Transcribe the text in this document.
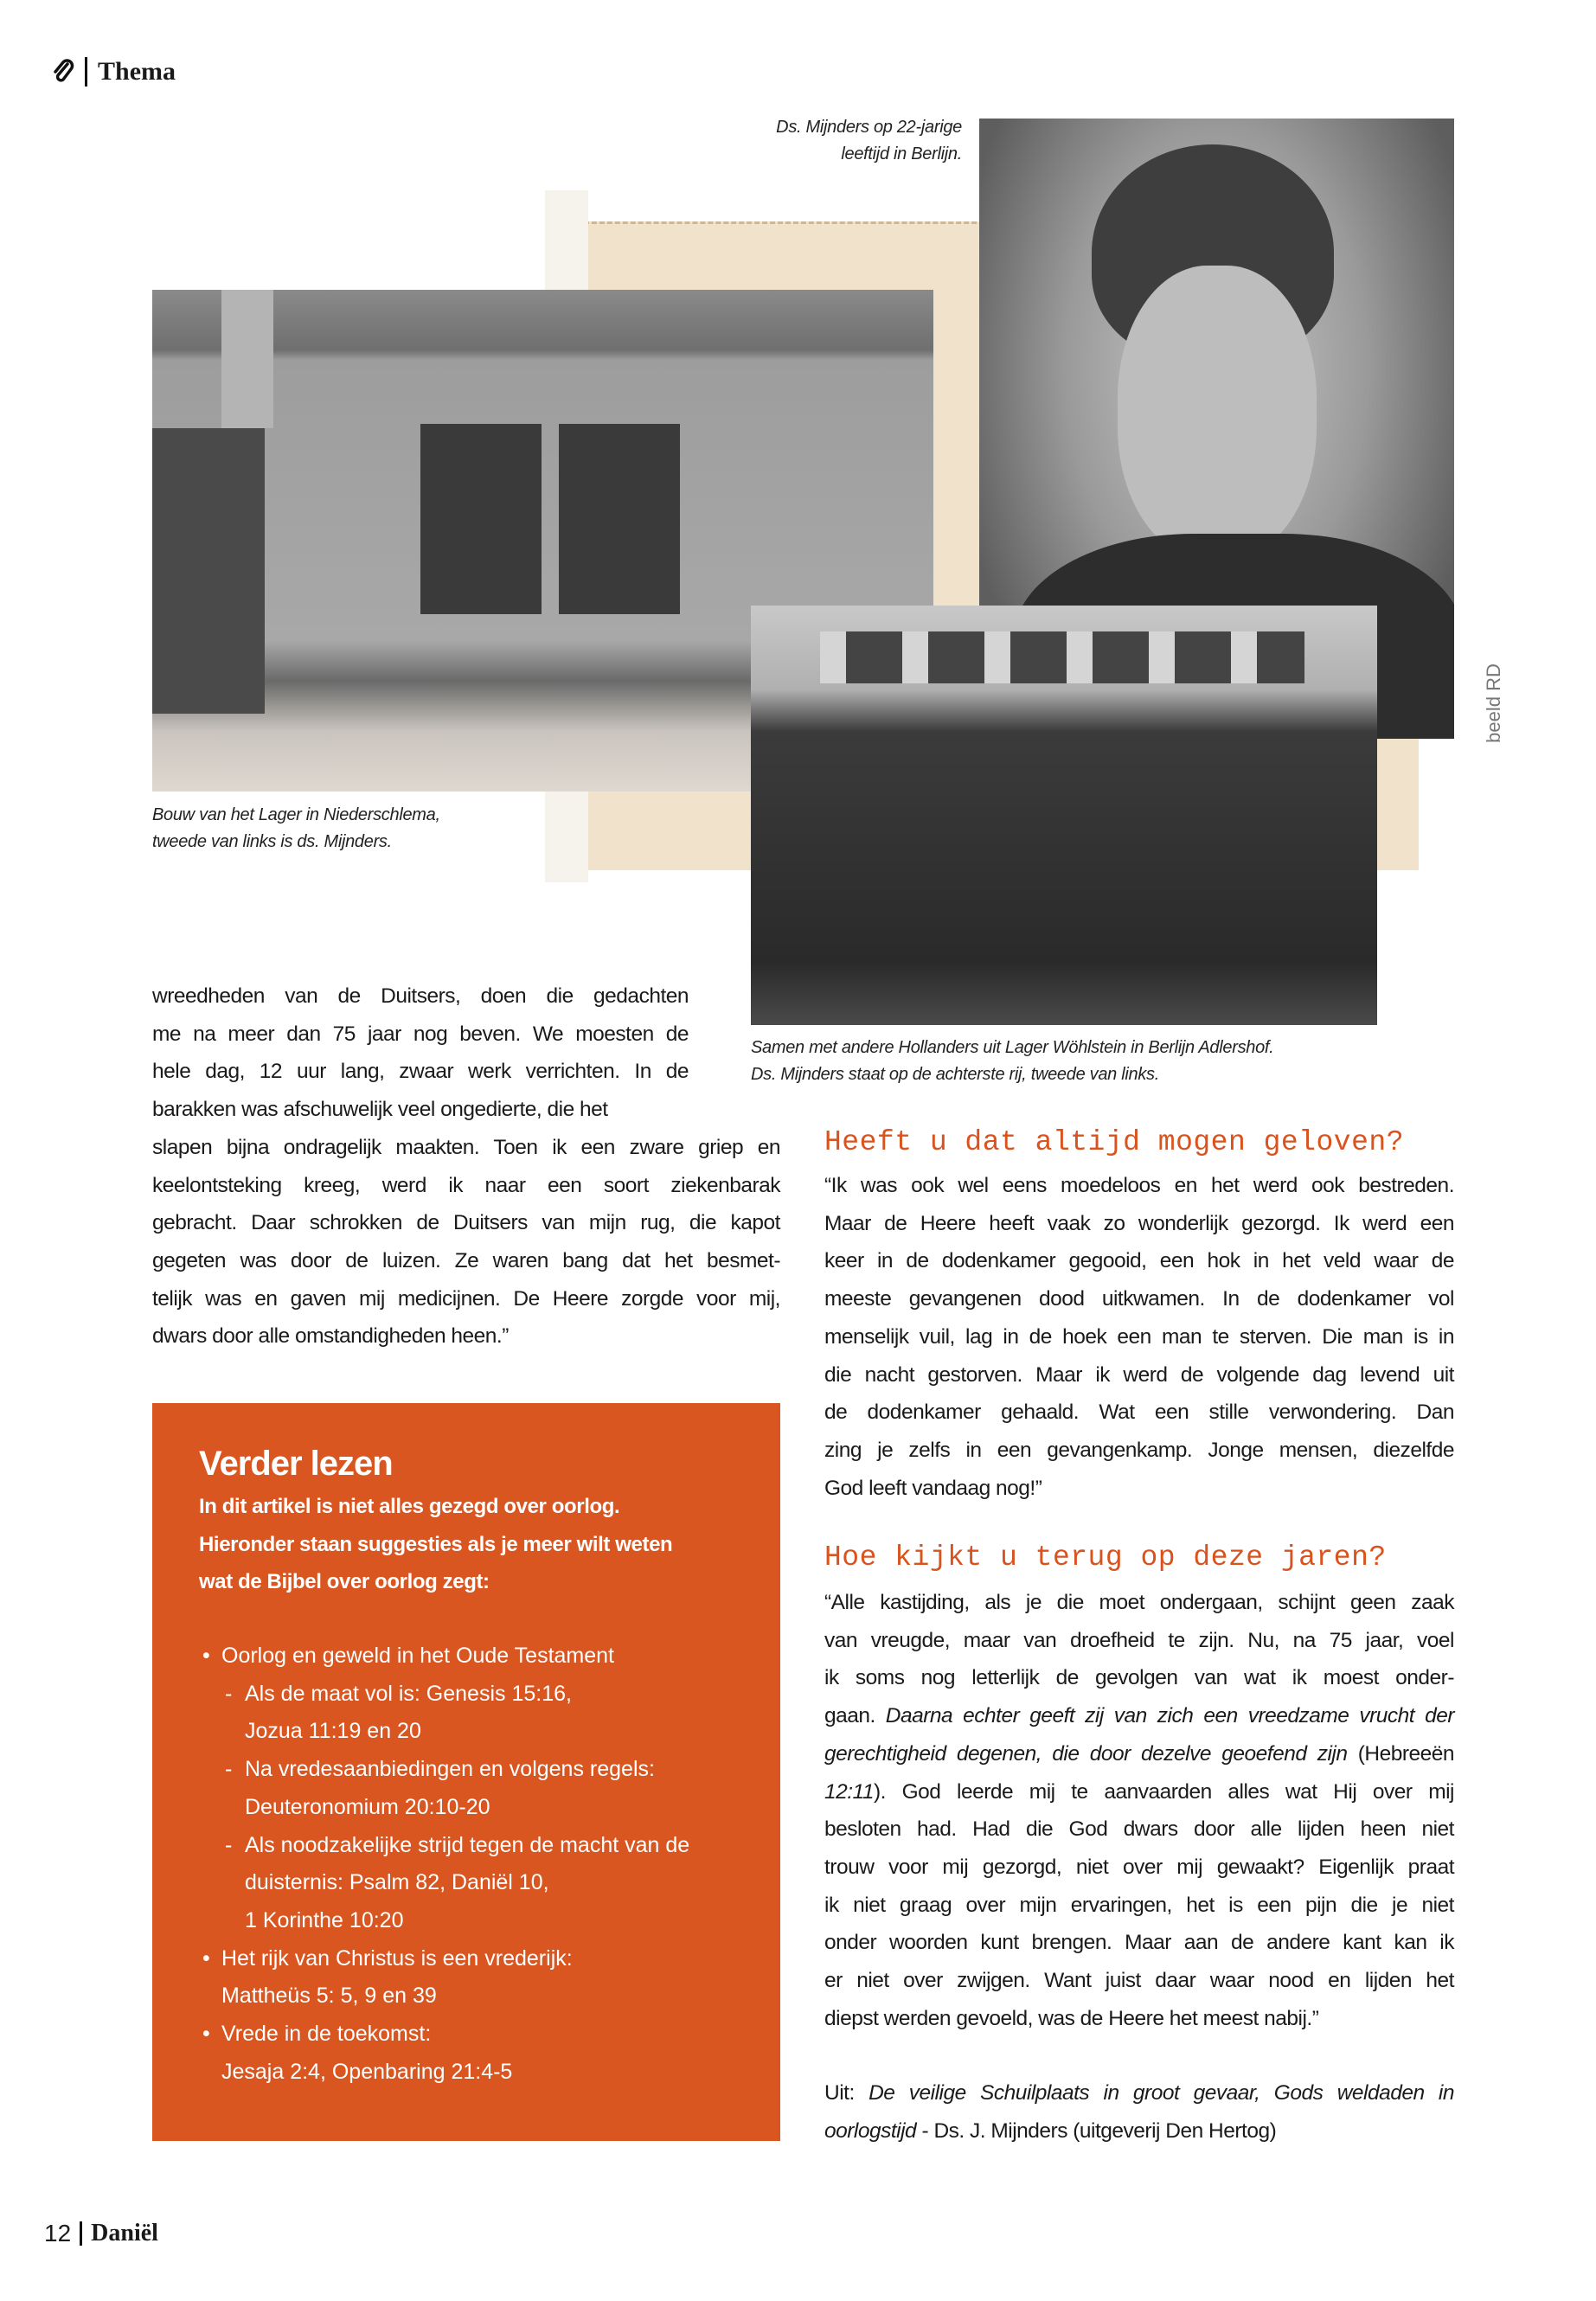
Thema
Ds. Mijnders op 22-jarige
leeftijd in Berlijn.
Bouw van het Lager in Niederschlema,
tweede van links is ds. Mijnders.
Samen met andere Hollanders uit Lager Wöhlstein in Berlijn Adlershof.
Ds. Mijnders staat op de achterste rij, tweede van links.
beeld RD
wreedheden van de Duitsers, doen die gedachten
me na meer dan 75 jaar nog beven. We moesten de
hele dag, 12 uur lang, zwaar werk verrichten. In de
barakken was afschuwelijk veel ongedierte, die het
slapen bijna ondragelijk maakten. Toen ik een zware griep en
keelontsteking kreeg, werd ik naar een soort ziekenbarak
gebracht. Daar schrokken de Duitsers van mijn rug, die kapot
gegeten was door de luizen. Ze waren bang dat het besmet-
telijk was en gaven mij medicijnen. De Heere zorgde voor mij,
dwars door alle omstandigheden heen.”
Heeft u dat altijd mogen geloven?
“Ik was ook wel eens moedeloos en het werd ook bestreden.
Maar de Heere heeft vaak zo wonderlijk gezorgd. Ik werd een
keer in de dodenkamer gegooid, een hok in het veld waar de
meeste gevangenen dood uitkwamen. In de dodenkamer vol
menselijk vuil, lag in de hoek een man te sterven. Die man is in
die nacht gestorven. Maar ik werd de volgende dag levend uit
de dodenkamer gehaald. Wat een stille verwondering. Dan
zing je zelfs in een gevangenkamp. Jonge mensen, diezelfde
God leeft vandaag nog!”
Hoe kijkt u terug op deze jaren?
“Alle kastijding, als je die moet ondergaan, schijnt geen zaak
van vreugde, maar van droefheid te zijn. Nu, na 75 jaar, voel
ik soms nog letterlijk de gevolgen van wat ik moest onder-
gaan. Daarna echter geeft zij van zich een vreedzame vrucht der
gerechtigheid degenen, die door dezelve geoefend zijn (Hebreeën
12:11). God leerde mij te aanvaarden alles wat Hij over mij
besloten had. Had die God dwars door alle lijden heen niet
trouw voor mij gezorgd, niet over mij gewaakt? Eigenlijk praat
ik niet graag over mijn ervaringen, het is een pijn die je niet
onder woorden kunt brengen. Maar aan de andere kant kan ik
er niet over zwijgen. Want juist daar waar nood en lijden het
diepst werden gevoeld, was de Heere het meest nabij.”
Uit: De veilige Schuilplaats in groot gevaar, Gods weldaden in
oorlogstijd - Ds. J. Mijnders (uitgeverij Den Hertog)
Verder lezen
In dit artikel is niet alles gezegd over oorlog.
Hieronder staan suggesties als je meer wilt weten
wat de Bijbel over oorlog zegt:
• Oorlog en geweld in het Oude Testament
- Als de maat vol is: Genesis 15:16,
Jozua 11:19 en 20
- Na vredesaanbiedingen en volgens regels:
Deuteronomium 20:10-20
- Als noodzakelijke strijd tegen de macht van de
duisternis: Psalm 82, Daniël 10,
1 Korinthe 10:20
• Het rijk van Christus is een vrederijk:
Mattheüs 5: 5, 9 en 39
• Vrede in de toekomst:
Jesaja 2:4, Openbaring 21:4-5
12 Daniël
